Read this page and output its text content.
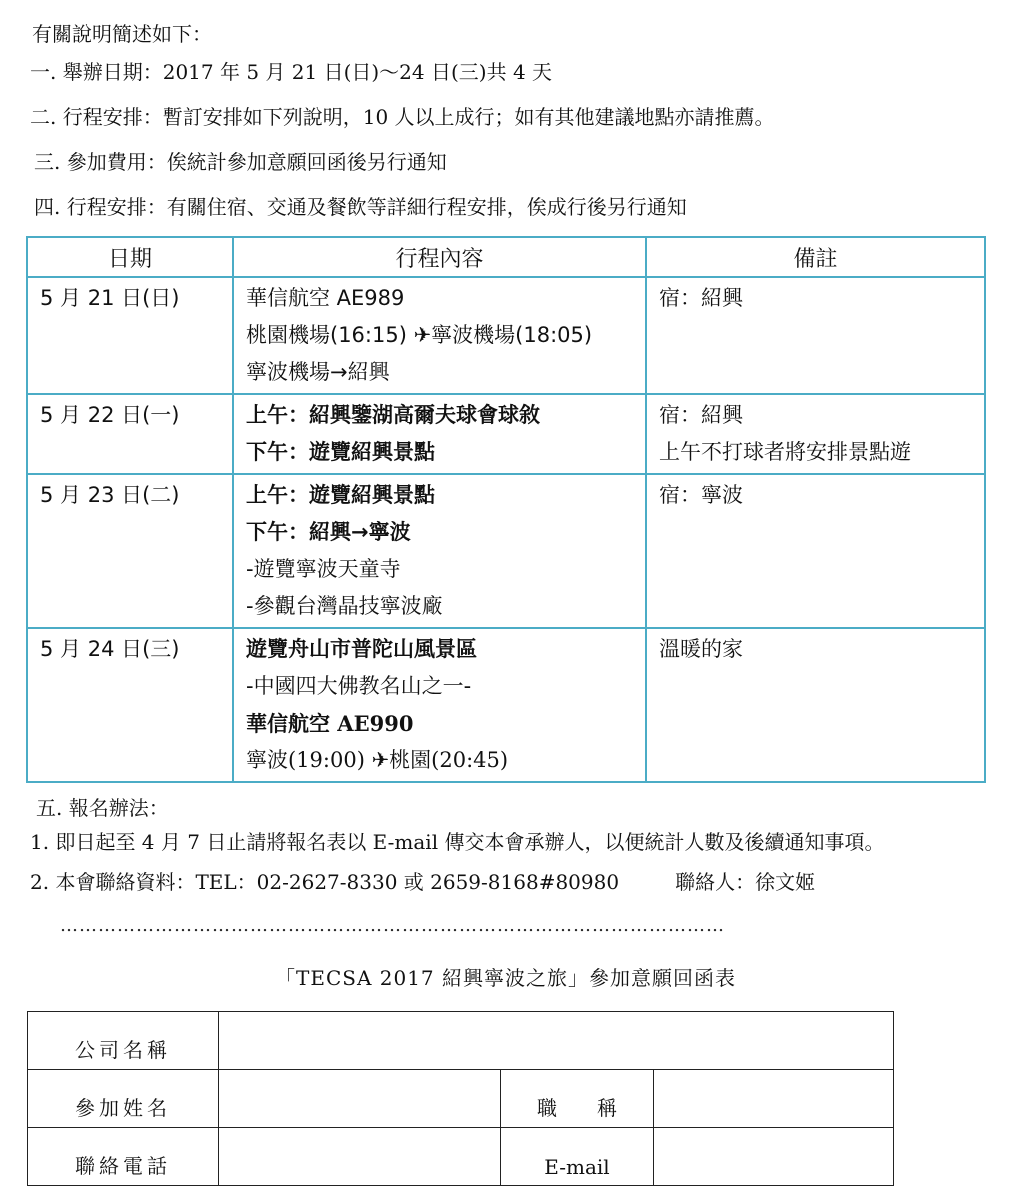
有關說明簡述如下：
一. 舉辦日期：2017 年 5 月 21 日(日)～24 日(三)共 4 天
二. 行程安排：暫訂安排如下列說明，10 人以上成行；如有其他建議地點亦請推薦。
三. 參加費用：俟統計參加意願回函後另行通知
四. 行程安排：有關住宿、交通及餐飲等詳細行程安排，俟成行後另行通知
日期	行程內容	備註

5 月 21 日(日)	華信航空 AE989
桃園機場(16:15) ✈寧波機場(18:05)
寧波機場→紹興	宿：紹興

5 月 22 日(一)	上午：紹興鑒湖高爾夫球會球敘
下午：遊覽紹興景點	宿：紹興
上午不打球者將安排景點遊

5 月 23 日(二)	上午：遊覽紹興景點
下午：紹興→寧波
-遊覽寧波天童寺
-參觀台灣晶技寧波廠	宿：寧波

5 月 24 日(三)	遊覽舟山市普陀山風景區
-中國四大佛教名山之一-
華信航空 AE990
寧波(19:00) ✈桃園(20:45)	溫暖的家
五. 報名辦法：
1. 即日起至 4 月 7 日止請將報名表以 E-mail 傳交本會承辦人，以便統計人數及後續通知事項。
2. 本會聯絡資料：TEL：02-2627-8330 或 2659-8168#80980	聯絡人：徐文姬
……………………………………………………………………………………………
「TECSA 2017 紹興寧波之旅」參加意願回函表
公司名稱			
參加姓名		職　　稱	
聯絡電話		E-mail	
